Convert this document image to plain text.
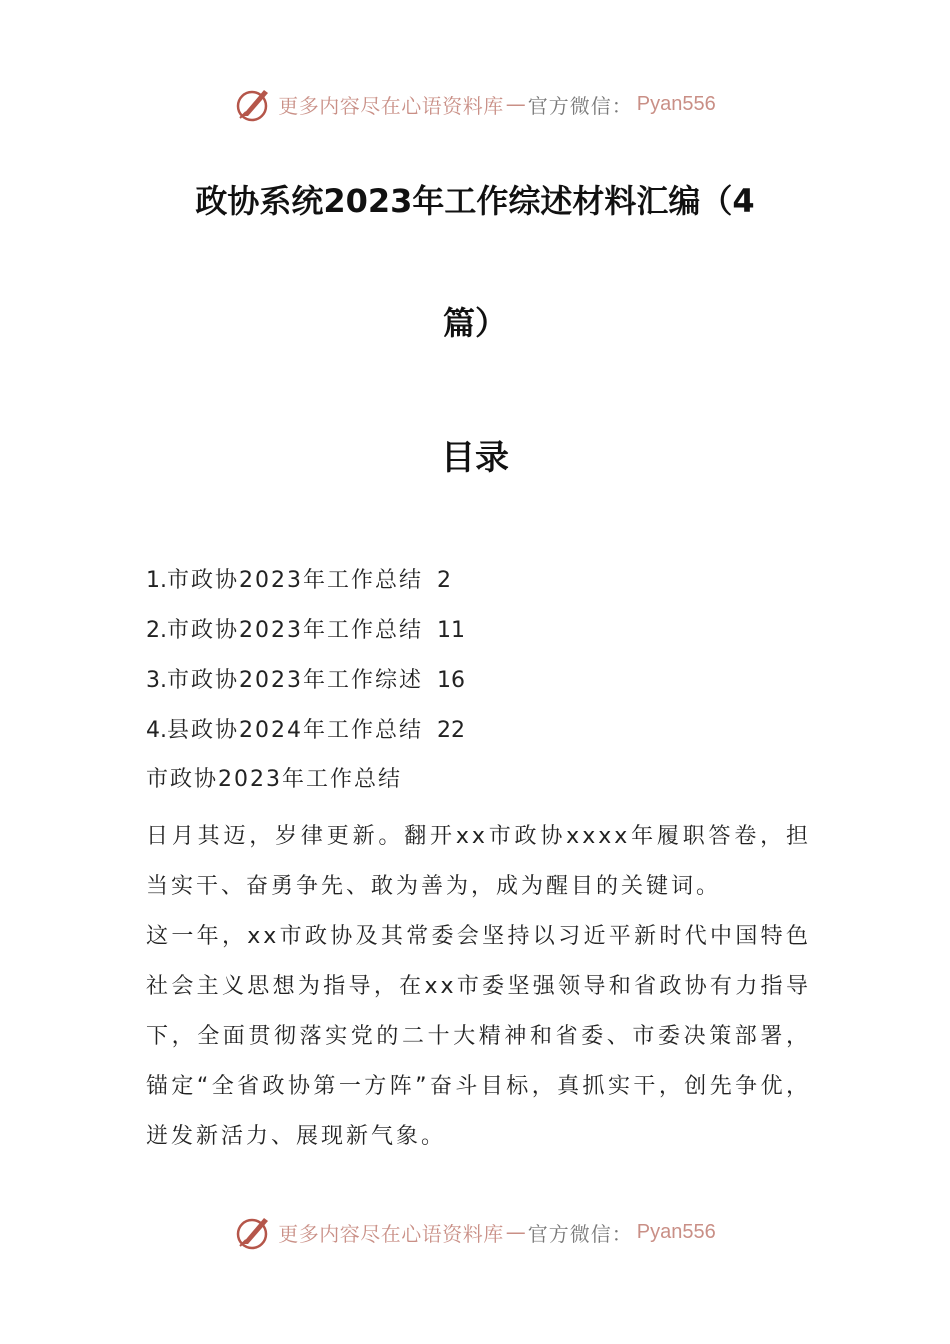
更多内容尽在心语资料库 — 官方微信： Pyan556
政协系统2023年工作综述材料汇编（4
篇）
目录
1.市政协2023年工作总结 2
2.市政协2023年工作总结 11
3.市政协2023年工作综述 16
4.县政协2024年工作总结 22
市政协2023年工作总结

日月其迈，岁律更新。翻开xx市政协xxxx年履职答卷，担当实干、奋勇争先、敢为善为，成为醒目的关键词。

这一年，xx市政协及其常委会坚持以习近平新时代中国特色社会主义思想为指导，在xx市委坚强领导和省政协有力指导下，全面贯彻落实党的二十大精神和省委、市委决策部署，锚定“全省政协第一方阵”奋斗目标，真抓实干，创先争优，迸发新活力、展现新气象。

更多内容尽在心语资料库 — 官方微信： Pyan556
